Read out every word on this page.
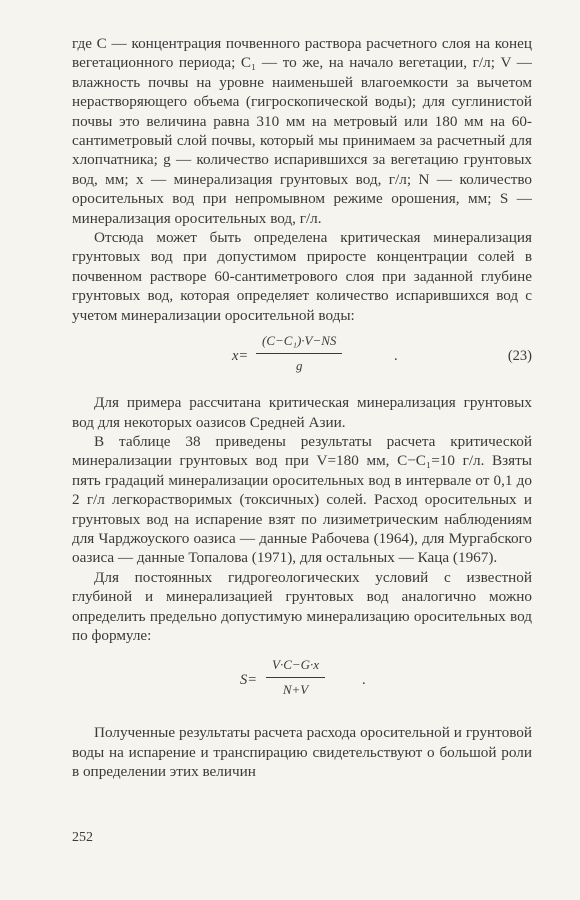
где C — концентрация почвенного раствора расчетного слоя на конец вегетационного периода; C₁ — то же, на начало вегетации, г/л; V — влажность почвы на уровне наименьшей влагоемкости за вычетом нерастворяющего объема (гигроскопической воды); для суглинистой почвы это величина равна 310 мм на метровый или 180 мм на 60-сантиметровый слой почвы, который мы принимаем за расчетный для хлопчатника; g — количество испарившихся за вегетацию грунтовых вод, мм; x — минерализация грунтовых вод, г/л; N — количество оросительных вод при непромывном режиме орошения, мм; S — минерализация оросительных вод, г/л.

Отсюда может быть определена критическая минерализация грунтовых вод при допустимом приросте концентрации солей в почвенном растворе 60-сантиметрового слоя при заданной глубине грунтовых вод, которая определяет количество испарившихся вод с учетом минерализации оросительной воды:

$x= \frac{\text{(C−C₁)·V−NS}}{g}$	.	(23)

Для примера рассчитана критическая минерализация грунтовых вод для некоторых оазисов Средней Азии.

В таблице 38 приведены результаты расчета критической минерализации грунтовых вод при V=180 мм, C−C₁=10 г/л. Взяты пять градаций минерализации оросительных вод в интервале от 0,1 до 2 г/л легкорастворимых (токсичных) солей. Расход оросительных и грунтовых вод на испарение взят по лизиметрическим наблюдениям для Чарджоуского оазиса — данные Рабочева (1964), для Мургабского оазиса — данные Топалова (1971), для остальных — Каца (1967).

Для постоянных гидрогеологических условий с известной глубиной и минерализацией грунтовых вод аналогично можно определить предельно допустимую минерализацию оросительных вод по формуле:

$S= \frac{V\cdot C-G\cdot x}{N+V}$	.

Полученные результаты расчета расхода оросительной и грунтовой воды на испарение и транспирацию свидетельствуют о большой роли в определении этих величин

252
